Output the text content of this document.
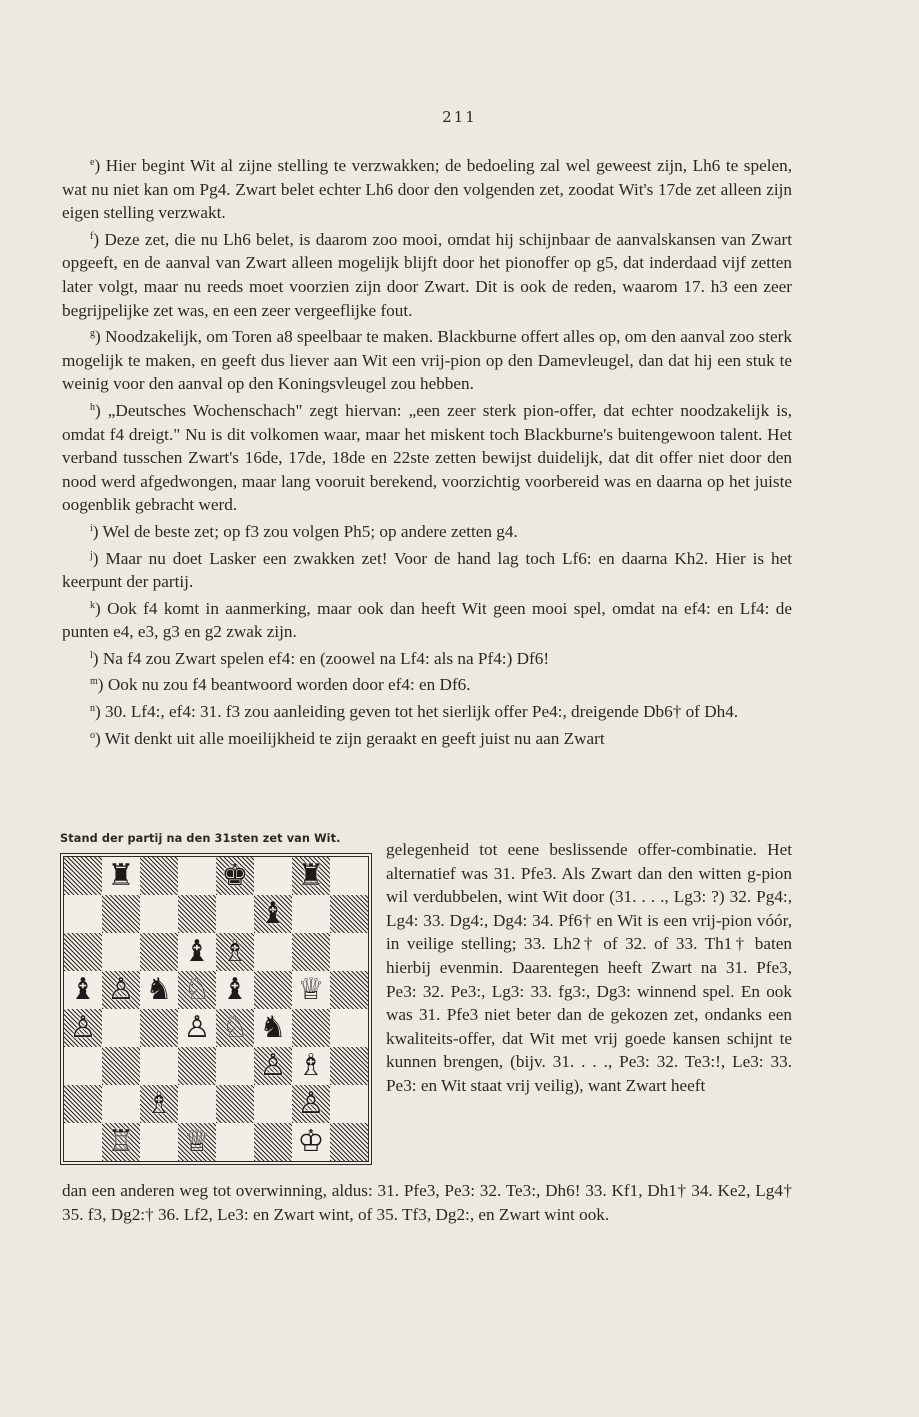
211

$^e$) Hier begint Wit al zijne stelling te verzwakken; de bedoeling zal wel geweest zijn, Lh6 te spelen, wat nu niet kan om Pg4. Zwart belet echter Lh6 door den volgenden zet, zoodat Wit's 17de zet alleen zijn eigen stelling verzwakt.

$^f$) Deze zet, die nu Lh6 belet, is daarom zoo mooi, omdat hij schijnbaar de aanvalskansen van Zwart opgeeft, en de aanval van Zwart alleen mogelijk blijft door het pionoffer op g5, dat inderdaad vijf zetten later volgt, maar nu reeds moet voorzien zijn door Zwart. Dit is ook de reden, waarom 17. h3 een zeer begrijpelijke zet was, en een zeer vergeeflijke fout.

$^g$) Noodzakelijk, om Toren a8 speelbaar te maken. Blackburne offert alles op, om den aanval zoo sterk mogelijk te maken, en geeft dus liever aan Wit een vrij-pion op den Damevleugel, dan dat hij een stuk te weinig voor den aanval op den Koningsvleugel zou hebben.

$^h$) „Deutsches Wochenschach" zegt hiervan: „een zeer sterk pion-offer, dat echter noodzakelijk is, omdat f4 dreigt." Nu is dit volkomen waar, maar het miskent toch Blackburne's buitengewoon talent. Het verband tusschen Zwart's 16de, 17de, 18de en 22ste zetten bewijst duidelijk, dat dit offer niet door den nood werd afgedwongen, maar lang vooruit berekend, voorzichtig voorbereid was en daarna op het juiste oogenblik gebracht werd.

$^i$) Wel de beste zet; op f3 zou volgen Ph5; op andere zetten g4.

$^j$) Maar nu doet Lasker een zwakken zet! Voor de hand lag toch Lf6: en daarna Kh2. Hier is het keerpunt der partij.

$^k$) Ook f4 komt in aanmerking, maar ook dan heeft Wit geen mooi spel, omdat na ef4: en Lf4: de punten e4, e3, g3 en g2 zwak zijn.

$^l$) Na f4 zou Zwart spelen ef4: en (zoowel na Lf4: als na Pf4:) Df6!

$^m$) Ook nu zou f4 beantwoord worden door ef4: en Df6.

$^n$) 30. Lf4:, ef4: 31. f3 zou aanleiding geven tot het sierlijk offer Pe4:, dreigende Db6† of Dh4.

$^o$) Wit denkt uit alle moeilijkheid te zijn geraakt en geeft juist nu aan Zwart

Stand der partij na den 31sten zet van Wit.
♜	♚ ♜
♝
♝ ♗
♝ ♙ ♞ ♘ ♝ ♕
♙	♙ ♘ ♞
♙ ♗
♗	♙
♖ ♕	♔

gelegenheid tot eene beslissende offer-combinatie. Het alternatief was 31. Pfe3. Als Zwart dan den witten g-pion wil verdubbelen, wint Wit door (31. . . ., Lg3: ?) 32. Pg4:, Lg4: 33. Dg4:, Dg4: 34. Pf6† en Wit is een vrij-pion vóór, in veilige stelling; 33. Lh2† of 32. of 33. Th1† baten hierbij evenmin. Daarentegen heeft Zwart na 31. Pfe3, Pe3: 32. Pe3:, Lg3: 33. fg3:, Dg3: winnend spel. En ook was 31. Pfe3 niet beter dan de gekozen zet, ondanks een kwaliteits-offer, dat Wit met vrij goede kansen schijnt te kunnen brengen, (bijv. 31. . . ., Pe3: 32. Te3:!, Le3: 33. Pe3: en Wit staat vrij veilig), want Zwart heeft

dan een anderen weg tot overwinning, aldus: 31. Pfe3, Pe3: 32. Te3:, Dh6! 33. Kf1, Dh1† 34. Ke2, Lg4† 35. f3, Dg2:† 36. Lf2, Le3: en Zwart wint, of 35. Tf3, Dg2:, en Zwart wint ook.
